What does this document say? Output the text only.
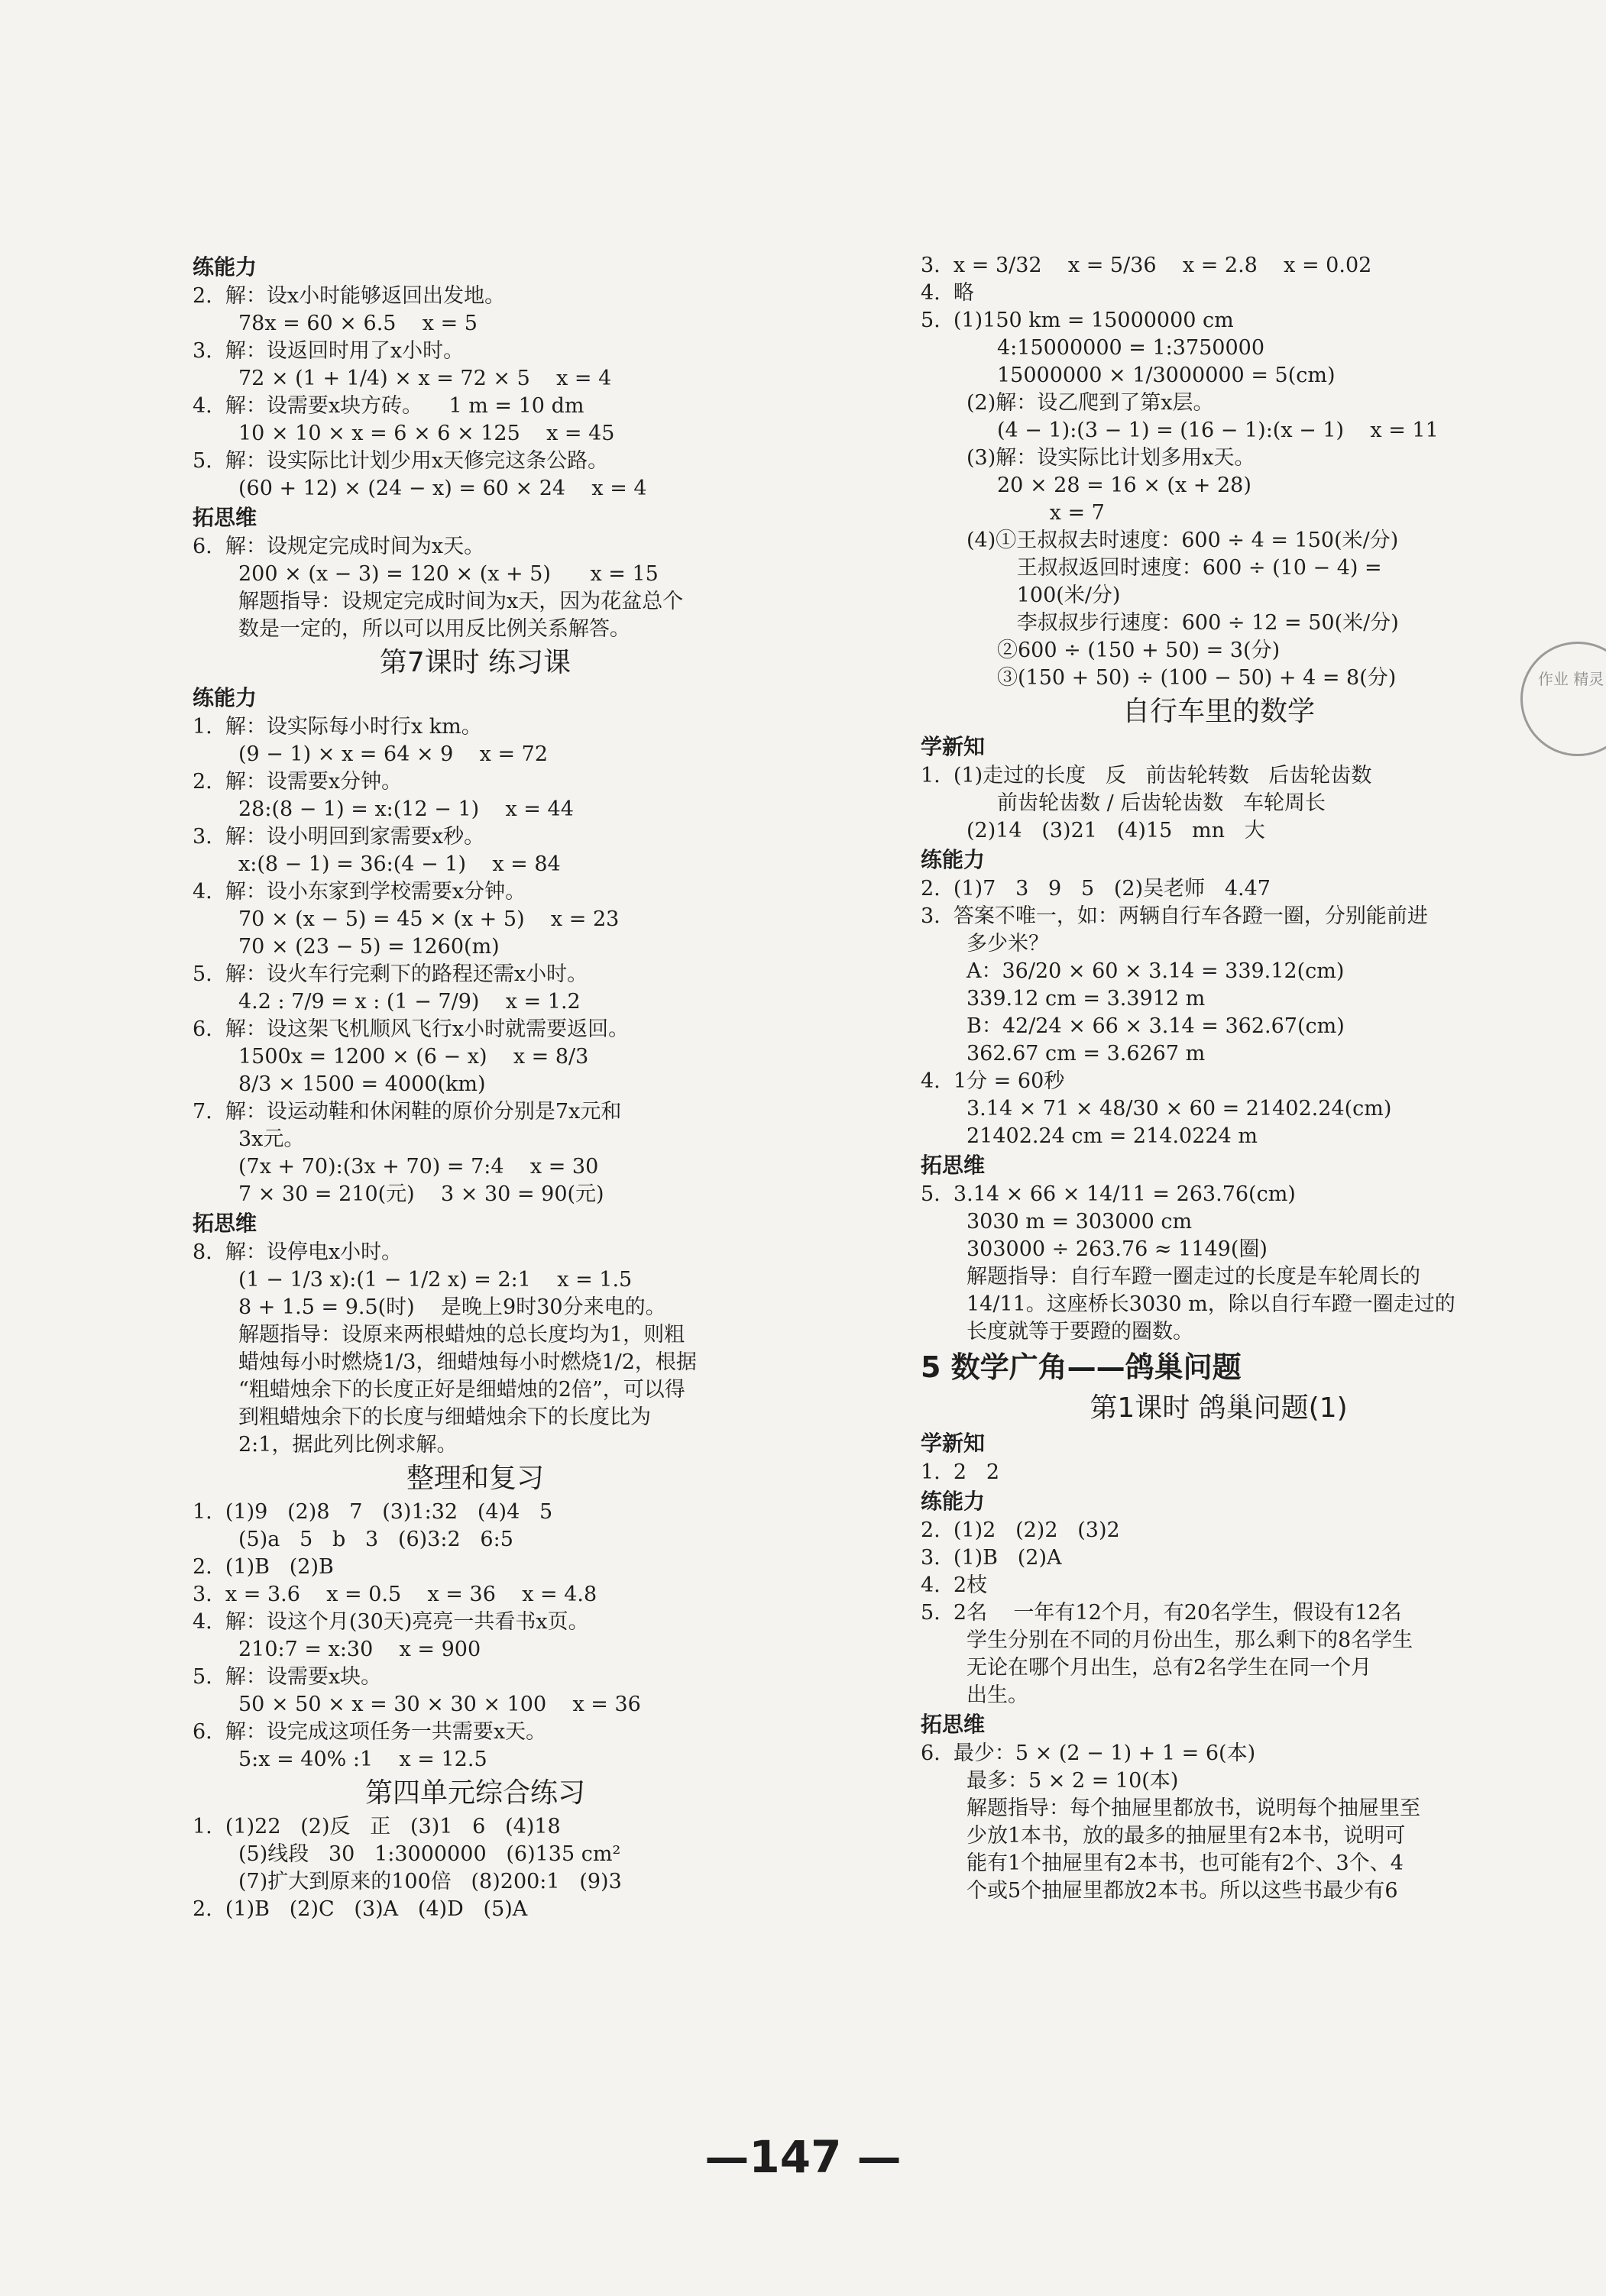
练能力
2.  解：设x小时能够返回出发地。
78x = 60 × 6.5    x = 5
3.  解：设返回时用了x小时。
72 × (1 + 1/4) × x = 72 × 5    x = 4
4.  解：设需要x块方砖。    1 m = 10 dm
10 × 10 × x = 6 × 6 × 125    x = 45
5.  解：设实际比计划少用x天修完这条公路。
(60 + 12) × (24 − x) = 60 × 24    x = 4
拓思维
6.  解：设规定完成时间为x天。
200 × (x − 3) = 120 × (x + 5)      x = 15
解题指导：设规定完成时间为x天，因为花盆总个
数是一定的，所以可以用反比例关系解答。
第7课时 练习课
练能力
1.  解：设实际每小时行x km。
(9 − 1) × x = 64 × 9    x = 72
2.  解：设需要x分钟。
28:(8 − 1) = x:(12 − 1)    x = 44
3.  解：设小明回到家需要x秒。
x:(8 − 1) = 36:(4 − 1)    x = 84
4.  解：设小东家到学校需要x分钟。
70 × (x − 5) = 45 × (x + 5)    x = 23
70 × (23 − 5) = 1260(m)
5.  解：设火车行完剩下的路程还需x小时。
4.2 : 7/9 = x : (1 − 7/9)    x = 1.2
6.  解：设这架飞机顺风飞行x小时就需要返回。
1500x = 1200 × (6 − x)    x = 8/3
8/3 × 1500 = 4000(km)
7.  解：设运动鞋和休闲鞋的原价分别是7x元和
3x元。
(7x + 70):(3x + 70) = 7:4    x = 30
7 × 30 = 210(元)    3 × 30 = 90(元)
拓思维
8.  解：设停电x小时。
(1 − 1/3 x):(1 − 1/2 x) = 2:1    x = 1.5
8 + 1.5 = 9.5(时)    是晚上9时30分来电的。
解题指导：设原来两根蜡烛的总长度均为1，则粗
蜡烛每小时燃烧1/3，细蜡烛每小时燃烧1/2，根据
“粗蜡烛余下的长度正好是细蜡烛的2倍”，可以得
到粗蜡烛余下的长度与细蜡烛余下的长度比为
2:1，据此列比例求解。
整理和复习
1.  (1)9   (2)8   7   (3)1:32   (4)4   5
(5)a   5   b   3   (6)3:2   6:5
2.  (1)B   (2)B
3.  x = 3.6    x = 0.5    x = 36    x = 4.8
4.  解：设这个月(30天)亮亮一共看书x页。
210:7 = x:30    x = 900
5.  解：设需要x块。
50 × 50 × x = 30 × 30 × 100    x = 36
6.  解：设完成这项任务一共需要x天。
5:x = 40% :1    x = 12.5
第四单元综合练习
1.  (1)22   (2)反   正   (3)1   6   (4)18
(5)线段   30   1:3000000   (6)135 cm²
(7)扩大到原来的100倍   (8)200:1   (9)3
2.  (1)B   (2)C   (3)A   (4)D   (5)A
3.  x = 3/32    x = 5/36    x = 2.8    x = 0.02
4.  略
5.  (1)150 km = 15000000 cm
4:15000000 = 1:3750000
15000000 × 1/3000000 = 5(cm)
(2)解：设乙爬到了第x层。
(4 − 1):(3 − 1) = (16 − 1):(x − 1)    x = 11
(3)解：设实际比计划多用x天。
20 × 28 = 16 × (x + 28)
x = 7
(4)①王叔叔去时速度：600 ÷ 4 = 150(米/分)
王叔叔返回时速度：600 ÷ (10 − 4) =
100(米/分)
李叔叔步行速度：600 ÷ 12 = 50(米/分)
②600 ÷ (150 + 50) = 3(分)
③(150 + 50) ÷ (100 − 50) + 4 = 8(分)
自行车里的数学
学新知
1.  (1)走过的长度   反   前齿轮转数   后齿轮齿数
前齿轮齿数 / 后齿轮齿数   车轮周长
(2)14   (3)21   (4)15   mn   大
练能力
2.  (1)7   3   9   5   (2)吴老师   4.47
3.  答案不唯一，如：两辆自行车各蹬一圈，分别能前进
多少米？
A：36/20 × 60 × 3.14 = 339.12(cm)
339.12 cm = 3.3912 m
B：42/24 × 66 × 3.14 = 362.67(cm)
362.67 cm = 3.6267 m
4.  1分 = 60秒
3.14 × 71 × 48/30 × 60 = 21402.24(cm)
21402.24 cm = 214.0224 m
拓思维
5.  3.14 × 66 × 14/11 = 263.76(cm)
3030 m = 303000 cm
303000 ÷ 263.76 ≈ 1149(圈)
解题指导：自行车蹬一圈走过的长度是车轮周长的
14/11。这座桥长3030 m，除以自行车蹬一圈走过的
长度就等于要蹬的圈数。
5 数学广角——鸽巢问题
第1课时 鸽巢问题(1)
学新知
1.  2   2
练能力
2.  (1)2   (2)2   (3)2
3.  (1)B   (2)A
4.  2枝
5.  2名    一年有12个月，有20名学生，假设有12名
学生分别在不同的月份出生，那么剩下的8名学生
无论在哪个月出生，总有2名学生在同一个月
出生。
拓思维
6.  最少：5 × (2 − 1) + 1 = 6(本)
最多：5 × 2 = 10(本)
解题指导：每个抽屉里都放书，说明每个抽屉里至
少放1本书，放的最多的抽屉里有2本书，说明可
能有1个抽屉里有2本书，也可能有2个、3个、4
个或5个抽屉里都放2本书。所以这些书最少有6
作业 精灵
—147 —
